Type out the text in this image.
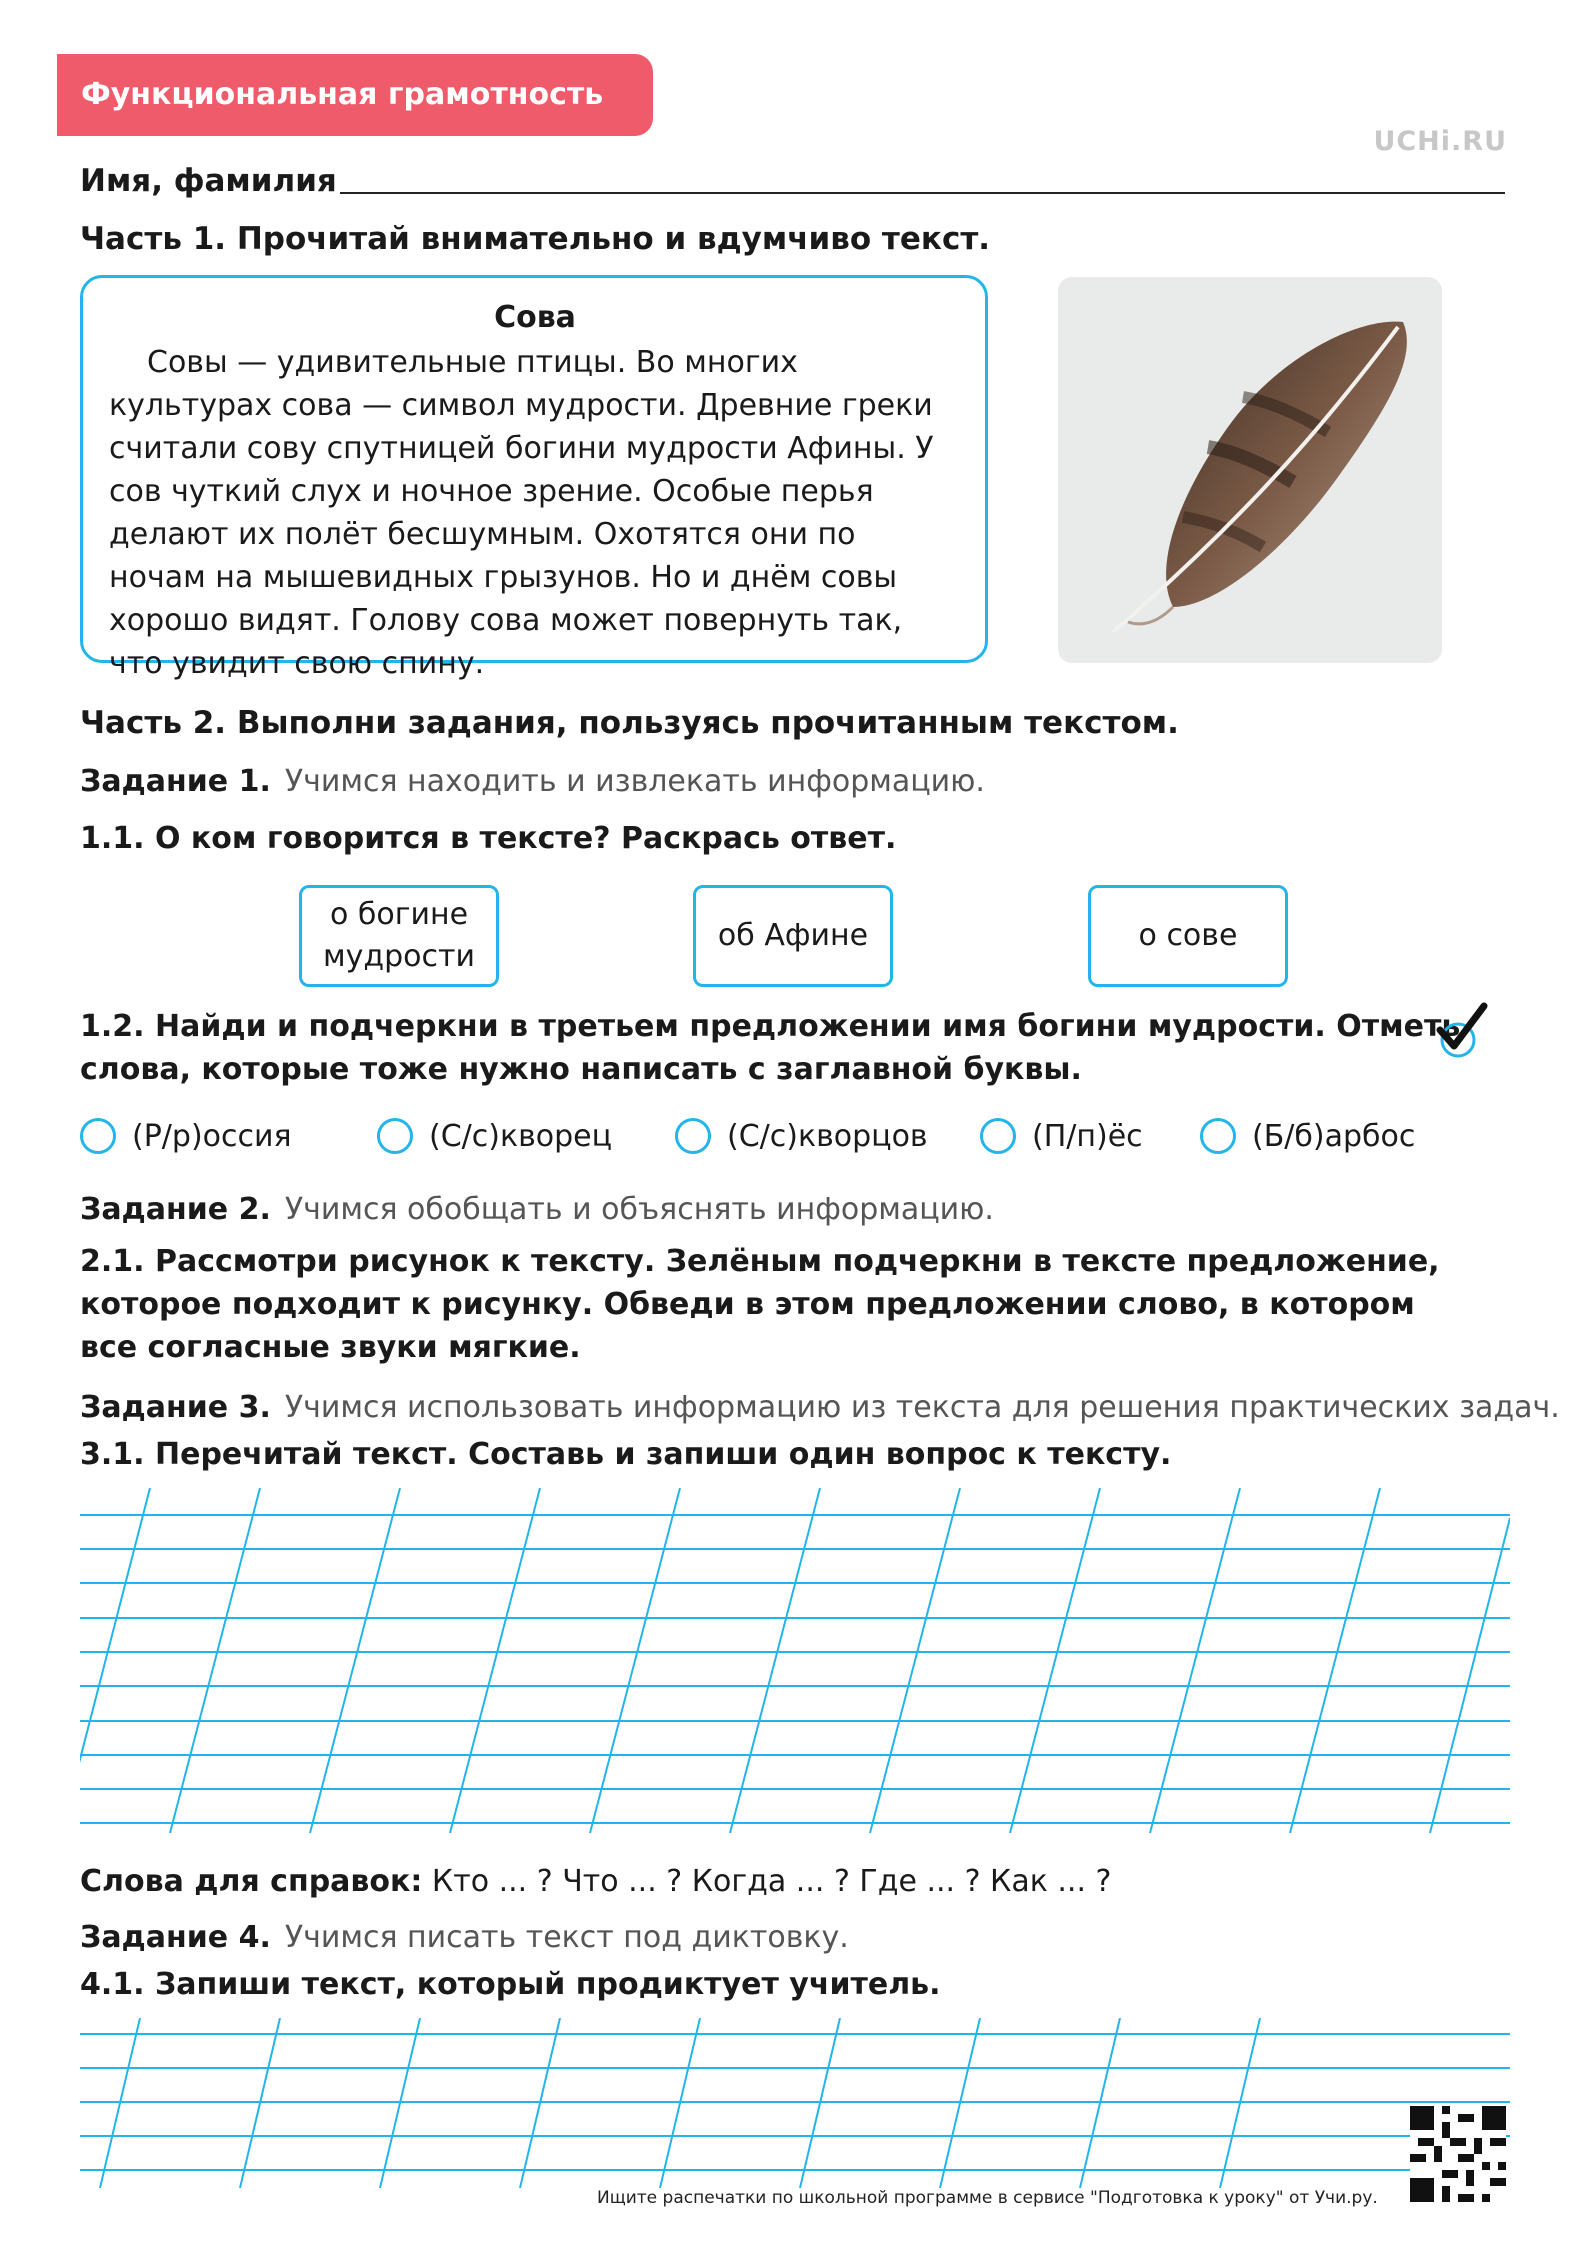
Функциональная грамотность
UCHi.RU
Имя, фамилия
Часть 1. Прочитай внимательно и вдумчиво текст.
Сова
Совы — удивительные птицы. Во многих культурах сова — символ мудрости. Древние греки считали сову спутницей богини мудрости Афины. У сов чуткий слух и ночное зрение. Особые перья делают их полёт бесшумным. Охотятся они по ночам на мышевидных грызунов. Но и днём совы хорошо видят. Голову сова может повернуть так, что увидит свою спину.
Часть 2. Выполни задания, пользуясь прочитанным текстом.
Задание 1. Учимся находить и извлекать информацию.
1.1. О ком говорится в тексте? Раскрась ответ.
о богине мудрости
об Афине	о сове
1.2. Найди и подчеркни в третьем предложении имя богини мудрости. Отметь
слова, которые тоже нужно написать с заглавной буквы.
(Р/р)оссия	(С/с)кворец	(С/с)кворцов	(П/п)ёс	(Б/б)арбос
Задание 2. Учимся обобщать и объяснять информацию.
2.1. Рассмотри рисунок к тексту. Зелёным подчеркни в тексте предложение,
которое подходит к рисунку. Обведи в этом предложении слово, в котором
все согласные звуки мягкие.
Задание 3. Учимся использовать информацию из текста для решения практических задач.
3.1. Перечитай текст. Составь и запиши один вопрос к тексту.
Слова для справок: Кто ... ? Что ... ? Когда ... ? Где ... ? Как ... ?
Задание 4. Учимся писать текст под диктовку.
4.1. Запиши текст, который продиктует учитель.
Ищите распечатки по школьной программе в сервисе "Подготовка к уроку" от Учи.ру.
